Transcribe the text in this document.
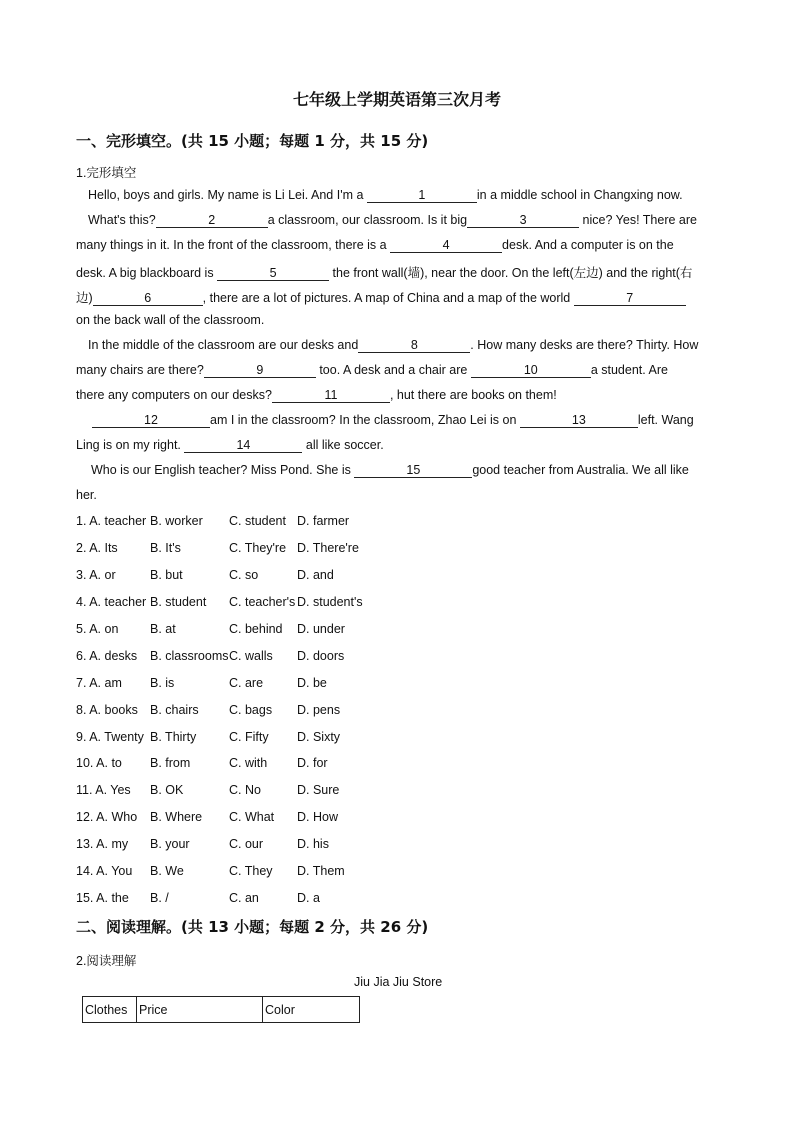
七年级上学期英语第三次月考
一、完形填空。(共 15 小题；每题 1 分，共 15 分)
1.完形填空
Hello, boys and girls. My name is Li Lei. And I'm a	1	in a middle school in Changxing now.
What's this?	2	a classroom, our classroom. Is it big	3	nice? Yes! There are
many things in it. In the front of the classroom, there is a	4	desk. And a computer is on the
desk. A big blackboard is	5	the front wall(墙), near the door. On the left(左边) and the right(右
边)	6	, there are a lot of pictures. A map of China and a map of the world	7
on the back wall of the classroom.
In the middle of the classroom are our desks and	8	. How many desks are there? Thirty. How
many chairs are there?	9	too. A desk and a chair are	10	a student. Are
there any computers on our desks?	11	, hut there are books on them!
12	am I in the classroom? In the classroom, Zhao Lei is on	13	left. Wang
Ling is on my right.	14	all like soccer.
Who is our English teacher? Miss Pond. She is	15	good teacher from Australia. We all like
her.
1. A. teacher B. worker C. student D. farmer
2. A. Its	B. It's	C. They're D. There're
3. A. or	B. but	C. so	D. and
4. A. teacher B. student C. teacher's D. student's
5. A. on	B. at	C. behind D. under
6. A. desks B. classrooms C. walls D. doors
7. A. am B. is	C. are	D. be
8. A. books B. chairs C. bags D. pens
9. A. Twenty B. Thirty	C. Fifty D. Sixty
10. A. to B. from	C. with D. for
11. A. Yes B. OK	C. No	D. Sure
12. A. Who B. Where C. What D. How
13. A. my B. your	C. our	D. his
14. A. You B. We	C. They D. Them
15. A. the B. /	C. an	D. a
二、阅读理解。(共 13 小题；每题 2 分，共 26 分)
2.阅读理解
Jiu Jia Jiu Store
Clothes	Price	Color
